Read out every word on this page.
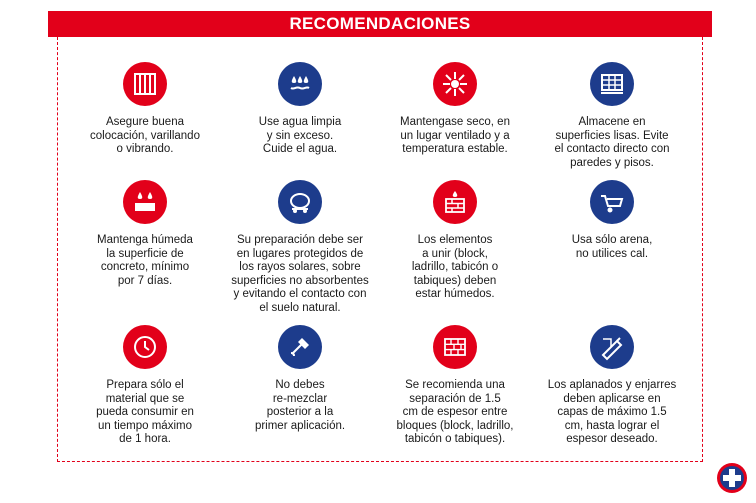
RECOMENDACIONES
Asegure buena
colocación, varillando
o vibrando.
Use agua limpia
y sin exceso.
Cuide el agua.
Mantengase seco, en
un lugar ventilado y a
temperatura estable.
Almacene en
superficies lisas. Evite
el contacto directo con
paredes y pisos.
Mantenga húmeda
la superficie de
concreto, mínimo
por 7 días.
Su preparación debe ser
en lugares protegidos de
los rayos solares, sobre
superficies no absorbentes
y evitando el contacto con
el suelo natural.
Los elementos
a unir (block,
ladrillo, tabicón o
tabiques) deben
estar húmedos.
Usa sólo arena,
no utilices cal.
Prepara sólo el
material que se
pueda consumir en
un tiempo máximo
de 1 hora.
No debes
re-mezclar
posterior a la
primer aplicación.
Se recomienda una
separación de 1.5
cm de espesor entre
bloques (block, ladrillo,
tabicón o tabiques).
Los aplanados y enjarres
deben aplicarse en
capas de máximo 1.5
cm, hasta lograr el
espesor deseado.
